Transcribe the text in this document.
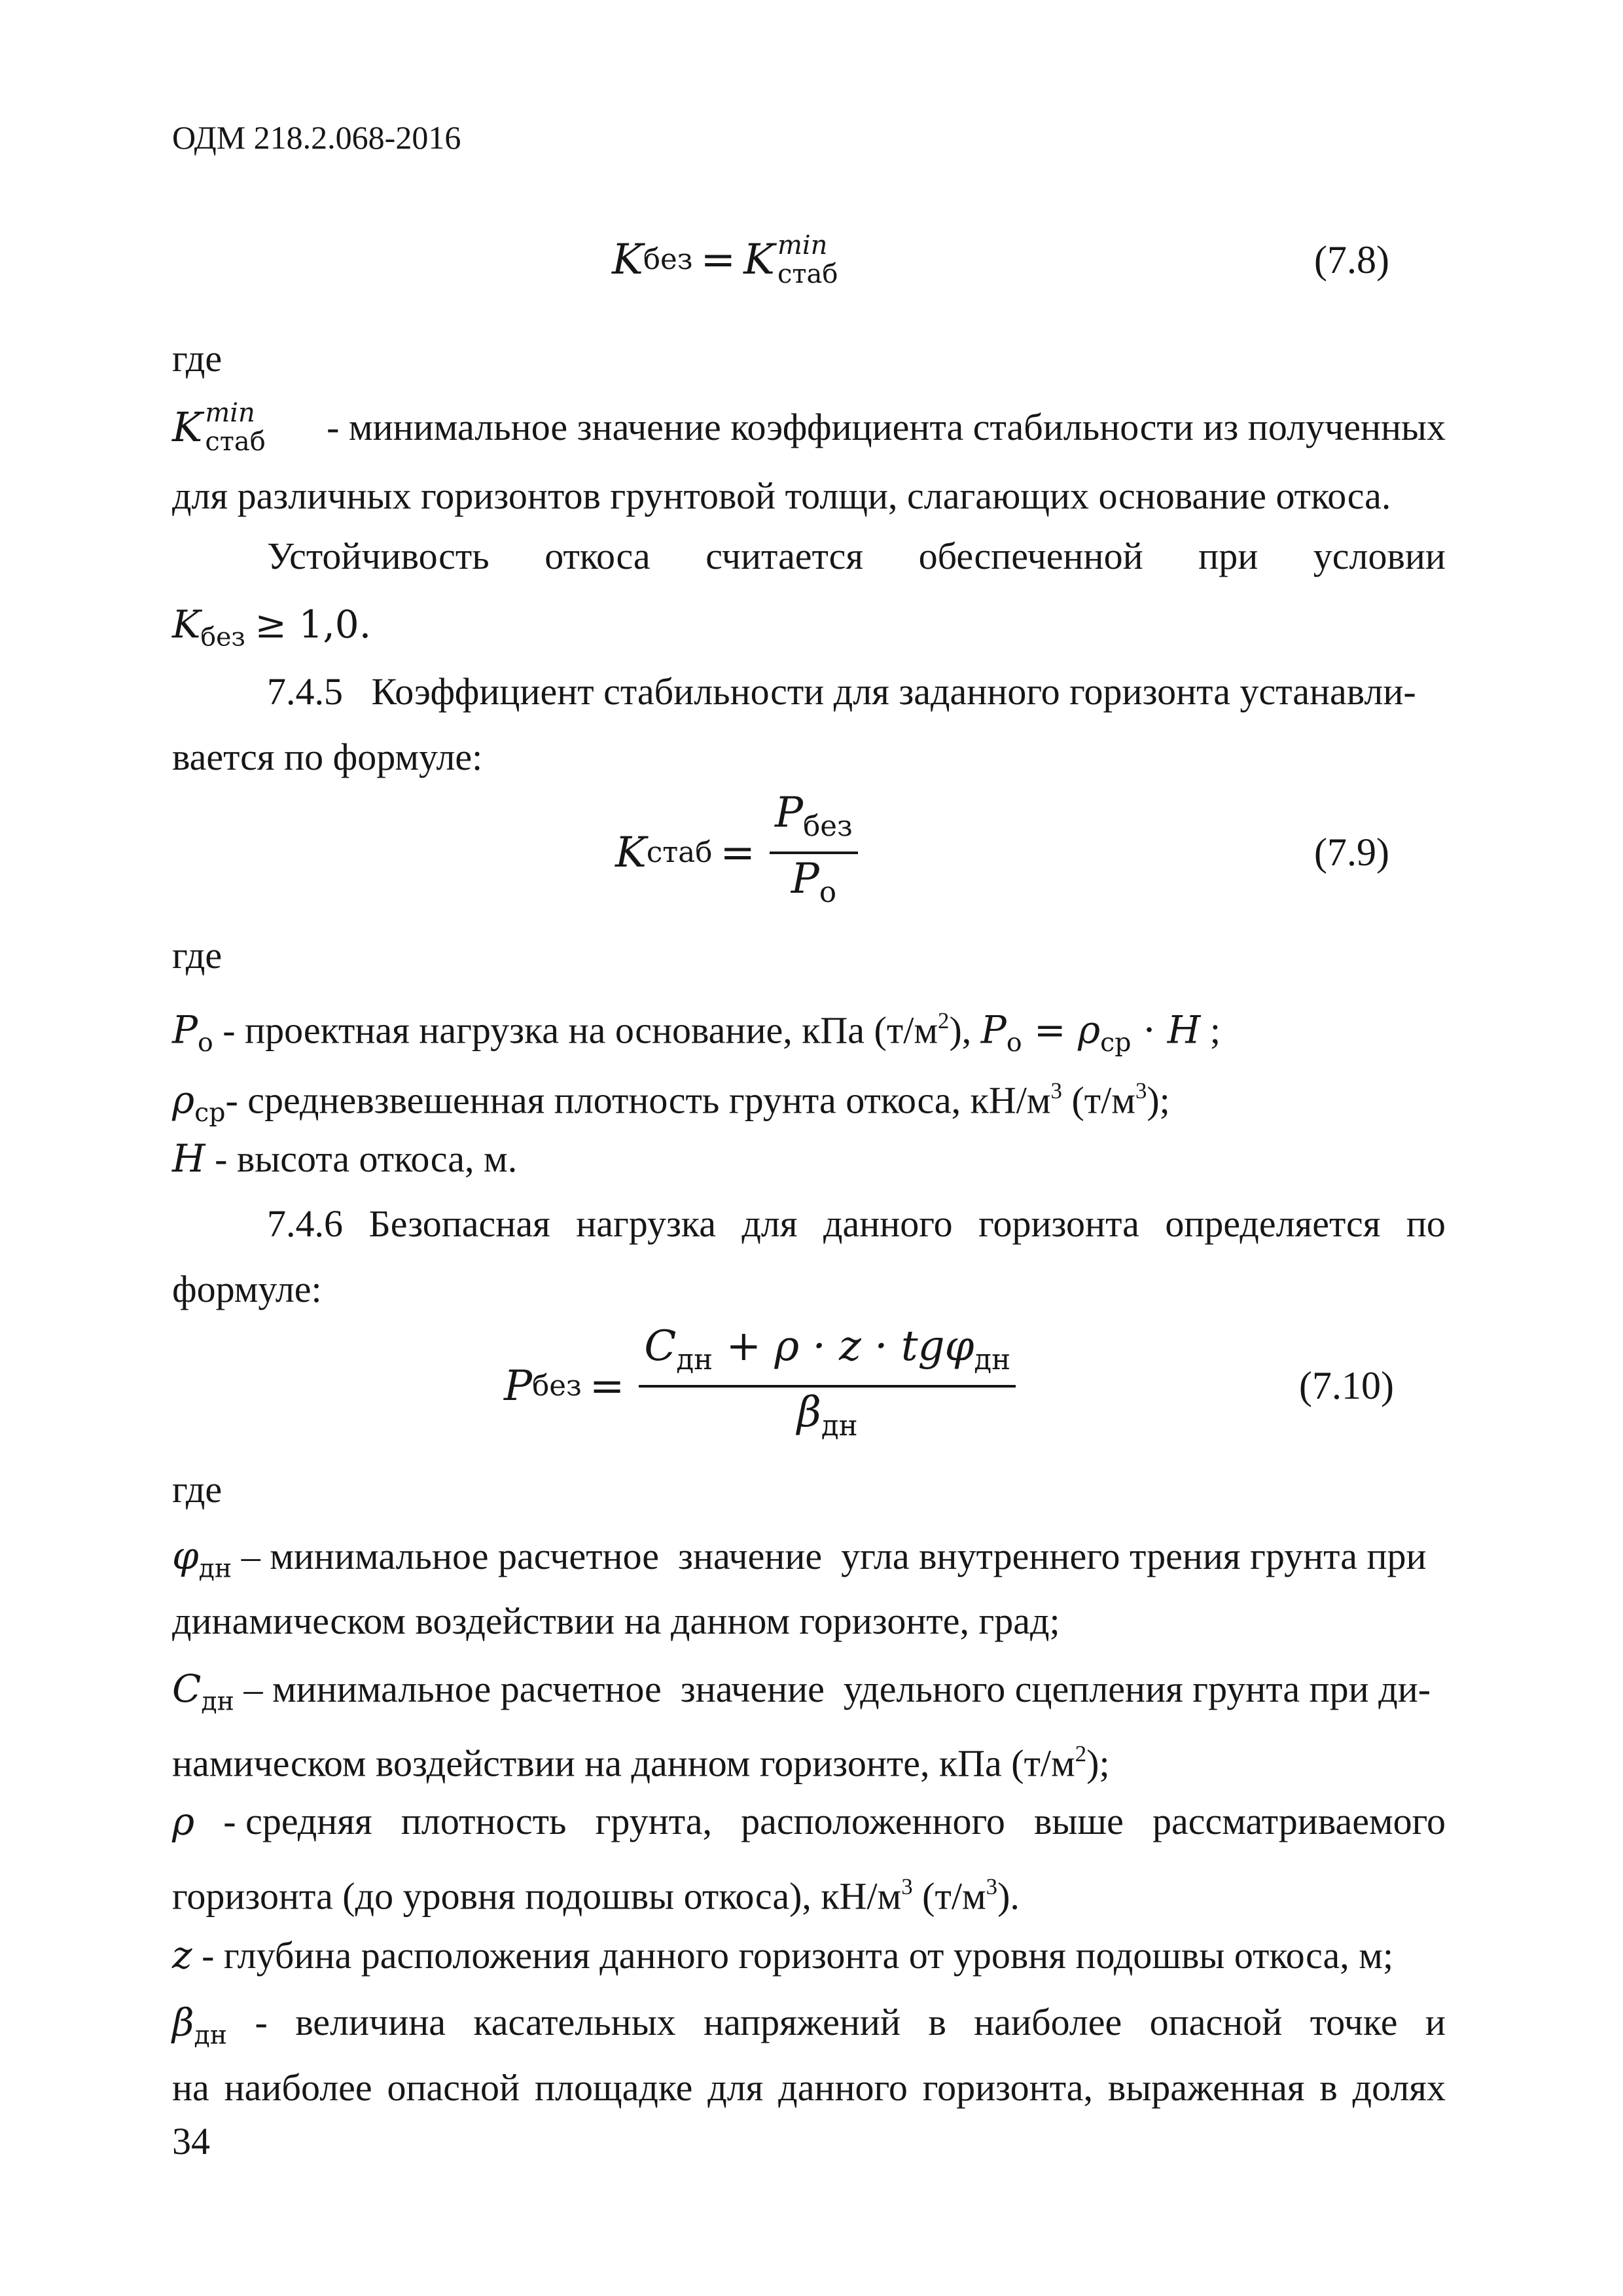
ОДМ 218.2.068-2016
K без = K min
стаб	(7.8)
где
K min
стаб	- минимальное значение коэффициента стабильности из полученных
для различных горизонтов грунтовой толщи, слагающих основание откоса.
Устойчивость откоса считается обеспеченной при условии
$K_{без} \ge 1,0$.
7.4.5   Коэффициент стабильности для заданного горизонта устанавли-
вается по формуле:
K стаб = $\frac{P_{без}}{P_o}$	(7.9)
где
$P_o$ - проектная нагрузка на основание, кПа $(т/м^2)$, $P_o = \rho_{ср} \cdot H$ ;
$\rho_{ср}-$ средневзвешенная плотность грунта откоса, $кН/м^3$ $(т/м^3)$;
H - высота откоса, м.
7.4.6 Безопасная нагрузка для данного горизонта определяется по
формуле:
P без = $\frac{C_{дн} + \rho \cdot z \cdot tg\varphi_{дн}}{\beta_{дн}}$	(7.10)
где
$\varphi_{дн}$ – минимальное расчетное  значение  угла внутреннего трения грунта при
динамическом воздействии на данном горизонте, град;
$C_{дн}$ – минимальное расчетное  значение  удельного сцепления грунта при ди-
намическом воздействии на данном горизонте, кПа $(т/м^2)$;
ρ - средняя плотность грунта, расположенного выше рассматриваемого
горизонта (до уровня подошвы откоса), $кН/м^3$ $(т/м^3)$.
z - глубина расположения данного горизонта от уровня подошвы откоса, м;
$\beta_{дн}$ - величина касательных напряжений в наиболее опасной точке и
на наиболее опасной площадке для данного горизонта, выраженная в долях
34
